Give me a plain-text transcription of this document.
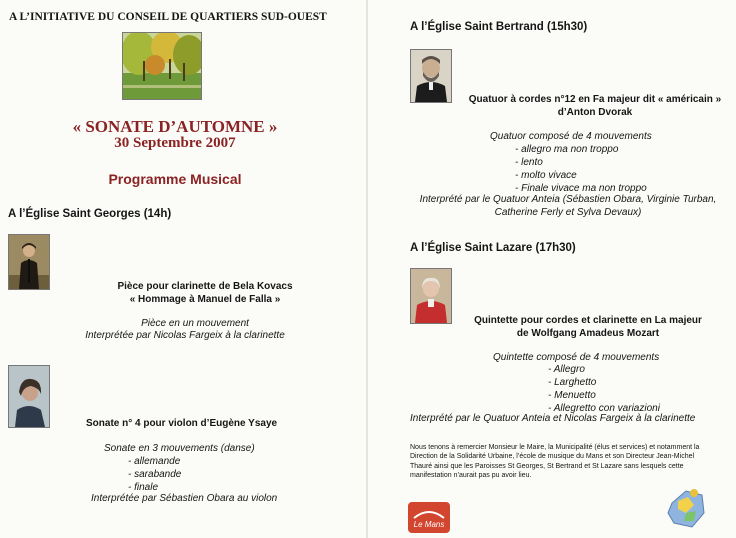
A L’INITIATIVE DU CONSEIL DE QUARTIERS SUD-OUEST
« SONATE D’AUTOMNE »
30 Septembre 2007
Programme Musical
A l’Église Saint Georges (14h)
Pièce pour clarinette de Bela Kovacs
« Hommage à Manuel de Falla »
Pièce en un mouvement
Interprétée par Nicolas Fargeix à la clarinette
Sonate n° 4 pour violon d’Eugène Ysaye
Sonate en 3 mouvements (danse)
- allemande
- sarabande
- finale
Interprétée par Sébastien Obara au violon
A l’Église Saint Bertrand (15h30)
Quatuor à cordes n°12 en Fa majeur dit « américain »
d’Anton Dvorak
Quatuor composé de 4 mouvements
- allegro ma non troppo
- lento
- molto vivace
- Finale vivace ma non troppo
Interprété par le Quatuor Anteia (Sébastien Obara, Virginie Turban,
Catherine Ferly et Sylva Devaux)
A l’Église Saint Lazare (17h30)
Quintette pour cordes et clarinette en La majeur
de Wolfgang Amadeus Mozart
Quintette composé de 4 mouvements
- Allegro
- Larghetto
- Menuetto
- Allegretto con variazioni
Interprété par le Quatuor Anteia et Nicolas Fargeix à la clarinette
Nous tenons à remercier Monsieur le Maire, la Municipalité (élus et services) et notamment la
Direction de la Solidarité Urbaine, l’école de musique du Mans et son Directeur Jean-Michel
Thauré ainsi que les Paroisses St Georges, St Bertrand et St Lazare sans lesquels cette
manifestation n’aurait pas pu avoir lieu.
Le Mans
